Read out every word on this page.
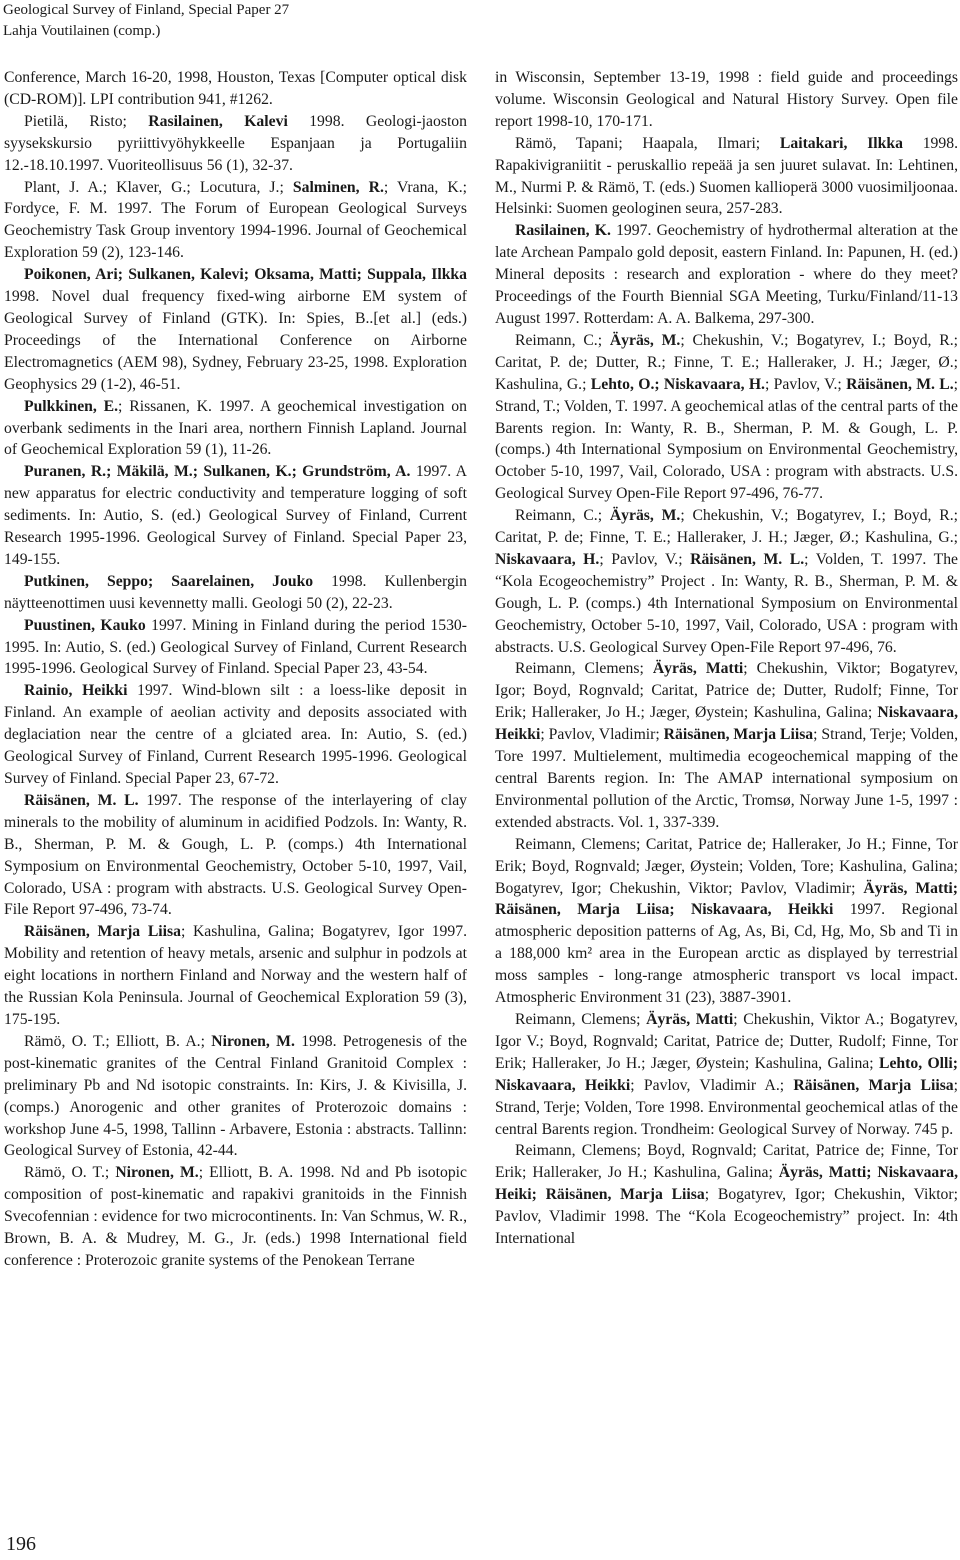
Geological Survey of Finland, Special Paper 27
Lahja Voutilainen (comp.)

Conference, March 16-20, 1998, Houston, Texas [Computer optical disk (CD-ROM)]. LPI contribution 941, #1262.

Pietilä, Risto; Rasilainen, Kalevi 1998. Geologi-jaoston syysekskursio pyriittivyöhykkeelle Espanjaan ja Portugaliin 12.-18.10.1997. Vuoriteollisuus 56 (1), 32-37.

Plant, J. A.; Klaver, G.; Locutura, J.; Salminen, R.; Vrana, K.; Fordyce, F. M. 1997. The Forum of European Geological Surveys Geochemistry Task Group inventory 1994-1996. Journal of Geochemical Exploration 59 (2), 123-146.

Poikonen, Ari; Sulkanen, Kalevi; Oksama, Matti; Suppala, Ilkka 1998. Novel dual frequency fixed-wing airborne EM system of Geological Survey of Finland (GTK). In: Spies, B..[et al.] (eds.) Proceedings of the International Conference on Airborne Electromagnetics (AEM 98), Sydney, February 23-25, 1998. Exploration Geophysics 29 (1-2), 46-51.

Pulkkinen, E.; Rissanen, K. 1997. A geochemical investigation on overbank sediments in the Inari area, northern Finnish Lapland. Journal of Geochemical Exploration 59 (1), 11-26.

Puranen, R.; Mäkilä, M.; Sulkanen, K.; Grundström, A. 1997. A new apparatus for electric conductivity and temperature logging of soft sediments. In: Autio, S. (ed.) Geological Survey of Finland, Current Research 1995-1996. Geological Survey of Finland. Special Paper 23, 149-155.

Putkinen, Seppo; Saarelainen, Jouko 1998. Kullenbergin näytteenottimen uusi kevennetty malli. Geologi 50 (2), 22-23.

Puustinen, Kauko 1997. Mining in Finland during the period 1530-1995. In: Autio, S. (ed.) Geological Survey of Finland, Current Research 1995-1996. Geological Survey of Finland. Special Paper 23, 43-54.

Rainio, Heikki 1997. Wind-blown silt : a loess-like deposit in Finland. An example of aeolian activity and deposits associated with deglaciation near the centre of a glciated area. In: Autio, S. (ed.) Geological Survey of Finland, Current Research 1995-1996. Geological Survey of Finland. Special Paper 23, 67-72.

Räisänen, M. L. 1997. The response of the interlayering of clay minerals to the mobility of aluminum in acidified Podzols. In: Wanty, R. B., Sherman, P. M. & Gough, L. P. (comps.) 4th International Symposium on Environmental Geochemistry, October 5-10, 1997, Vail, Colorado, USA : program with abstracts. U.S. Geological Survey Open-File Report 97-496, 73-74.

Räisänen, Marja Liisa; Kashulina, Galina; Bogatyrev, Igor 1997. Mobility and retention of heavy metals, arsenic and sulphur in podzols at eight locations in northern Finland and Norway and the western half of the Russian Kola Peninsula. Journal of Geochemical Exploration 59 (3), 175-195.

Rämö, O. T.; Elliott, B. A.; Nironen, M. 1998. Petrogenesis of the post-kinematic granites of the Central Finland Granitoid Complex : preliminary Pb and Nd isotopic constraints. In: Kirs, J. & Kivisilla, J. (comps.) Anorogenic and other granites of Proterozoic domains : workshop June 4-5, 1998, Tallinn - Arbavere, Estonia : abstracts. Tallinn: Geological Survey of Estonia, 42-44.

Rämö, O. T.; Nironen, M.; Elliott, B. A. 1998. Nd and Pb isotopic composition of post-kinematic and rapakivi granitoids in the Finnish Svecofennian : evidence for two microcontinents. In: Van Schmus, W. R., Brown, B. A. & Mudrey, M. G., Jr. (eds.) 1998 International field conference : Proterozoic granite systems of the Penokean Terrane

in Wisconsin, September 13-19, 1998 : field guide and proceedings volume. Wisconsin Geological and Natural History Survey. Open file report 1998-10, 170-171.

Rämö, Tapani; Haapala, Ilmari; Laitakari, Ilkka 1998. Rapakivigraniitit - peruskallio repeää ja sen juuret sulavat. In: Lehtinen, M., Nurmi P. & Rämö, T. (eds.) Suomen kallioperä 3000 vuosimiljoonaa. Helsinki: Suomen geologinen seura, 257-283.

Rasilainen, K. 1997. Geochemistry of hydrothermal alteration at the late Archean Pampalo gold deposit, eastern Finland. In: Papunen, H. (ed.) Mineral deposits : research and exploration - where do they meet? Proceedings of the Fourth Biennial SGA Meeting, Turku/Finland/11-13 August 1997. Rotterdam: A. A. Balkema, 297-300.

Reimann, C.; Äyräs, M.; Chekushin, V.; Bogatyrev, I.; Boyd, R.; Caritat, P. de; Dutter, R.; Finne, T. E.; Halleraker, J. H.; Jæger, Ø.; Kashulina, G.; Lehto, O.; Niskavaara, H.; Pavlov, V.; Räisänen, M. L.; Strand, T.; Volden, T. 1997. A geochemical atlas of the central parts of the Barents region. In: Wanty, R. B., Sherman, P. M. & Gough, L. P. (comps.) 4th International Symposium on Environmental Geochemistry, October 5-10, 1997, Vail, Colorado, USA : program with abstracts. U.S. Geological Survey Open-File Report 97-496, 76-77.

Reimann, C.; Äyräs, M.; Chekushin, V.; Bogatyrev, I.; Boyd, R.; Caritat, P. de; Finne, T. E.; Halleraker, J. H.; Jæger, Ø.; Kashulina, G.; Niskavaara, H.; Pavlov, V.; Räisänen, M. L.; Volden, T. 1997. The “Kola Ecogeochemistry” Project . In: Wanty, R. B., Sherman, P. M. & Gough, L. P. (comps.) 4th International Symposium on Environmental Geochemistry, October 5-10, 1997, Vail, Colorado, USA : program with abstracts. U.S. Geological Survey Open-File Report 97-496, 76.

Reimann, Clemens; Äyräs, Matti; Chekushin, Viktor; Bogatyrev, Igor; Boyd, Rognvald; Caritat, Patrice de; Dutter, Rudolf; Finne, Tor Erik; Halleraker, Jo H.; Jæger, Øystein; Kashulina, Galina; Niskavaara, Heikki; Pavlov, Vladimir; Räisänen, Marja Liisa; Strand, Terje; Volden, Tore 1997. Multielement, multimedia ecogeochemical mapping of the central Barents region. In: The AMAP international symposium on Environmental pollution of the Arctic, Tromsø, Norway June 1-5, 1997 : extended abstracts. Vol. 1, 337-339.

Reimann, Clemens; Caritat, Patrice de; Halleraker, Jo H.; Finne, Tor Erik; Boyd, Rognvald; Jæger, Øystein; Volden, Tore; Kashulina, Galina; Bogatyrev, Igor; Chekushin, Viktor; Pavlov, Vladimir; Äyräs, Matti; Räisänen, Marja Liisa; Niskavaara, Heikki 1997. Regional atmospheric deposition patterns of Ag, As, Bi, Cd, Hg, Mo, Sb and Ti in a 188,000 km² area in the European arctic as displayed by terrestrial moss samples - long-range atmospheric transport vs local impact. Atmospheric Environment 31 (23), 3887-3901.

Reimann, Clemens; Äyräs, Matti; Chekushin, Viktor A.; Bogatyrev, Igor V.; Boyd, Rognvald; Caritat, Patrice de; Dutter, Rudolf; Finne, Tor Erik; Halleraker, Jo H.; Jæger, Øystein; Kashulina, Galina; Lehto, Olli; Niskavaara, Heikki; Pavlov, Vladimir A.; Räisänen, Marja Liisa; Strand, Terje; Volden, Tore 1998. Environmental geochemical atlas of the central Barents region. Trondheim: Geological Survey of Norway. 745 p.

Reimann, Clemens; Boyd, Rognvald; Caritat, Patrice de; Finne, Tor Erik; Halleraker, Jo H.; Kashulina, Galina; Äyräs, Matti; Niskavaara, Heiki; Räisänen, Marja Liisa; Bogatyrev, Igor; Chekushin, Viktor; Pavlov, Vladimir 1998. The “Kola Ecogeochemistry” project. In: 4th International

196
